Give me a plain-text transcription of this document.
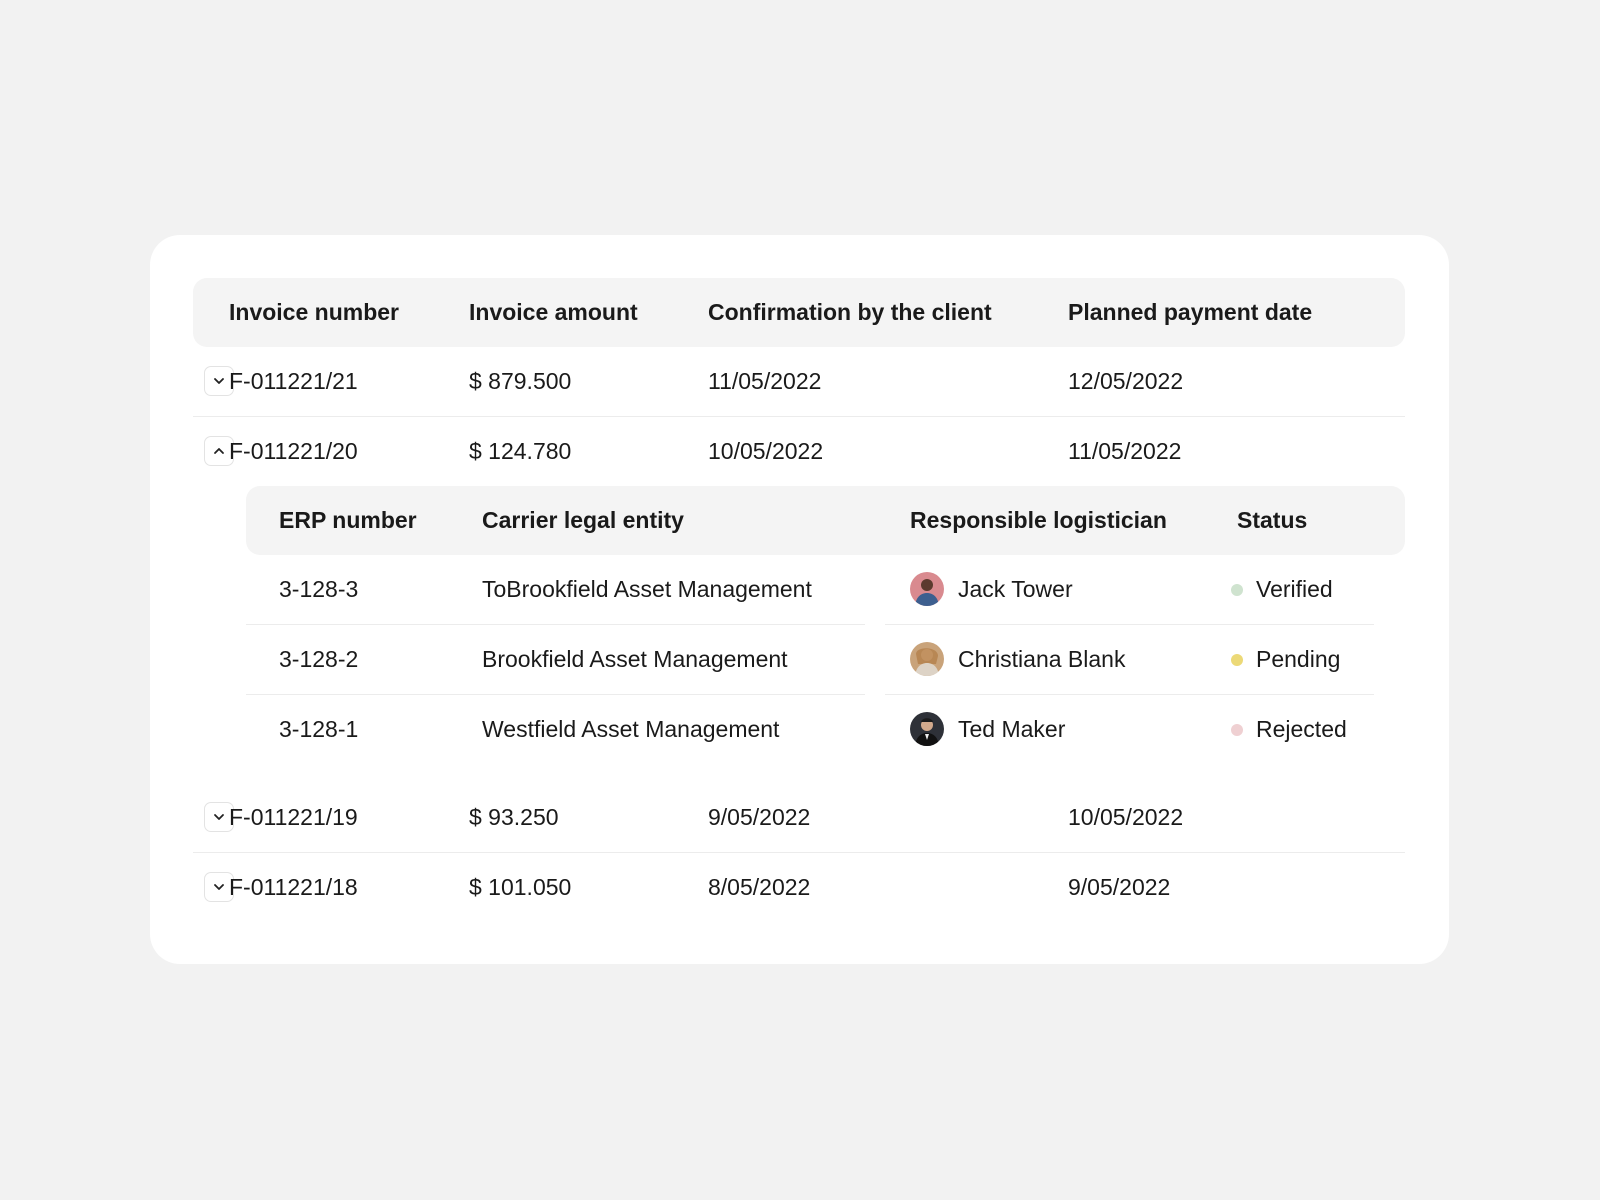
Invoice number	Invoice amount	Confirmation by the client	Planned payment date
F-011221/21	$ 879.500	11/05/2022	12/05/2022
F-011221/20	$ 124.780	10/05/2022	11/05/2022
ERP number	Carrier legal entity	Responsible logistician	Status
3-128-3	ToBrookfield Asset Management	Jack Tower	Verified
3-128-2	Brookfield Asset Management	Christiana Blank	Pending
3-128-1	Westfield Asset Management	Ted Maker	Rejected
F-011221/19	$ 93.250	9/05/2022	10/05/2022
F-011221/18	$ 101.050	8/05/2022	9/05/2022
